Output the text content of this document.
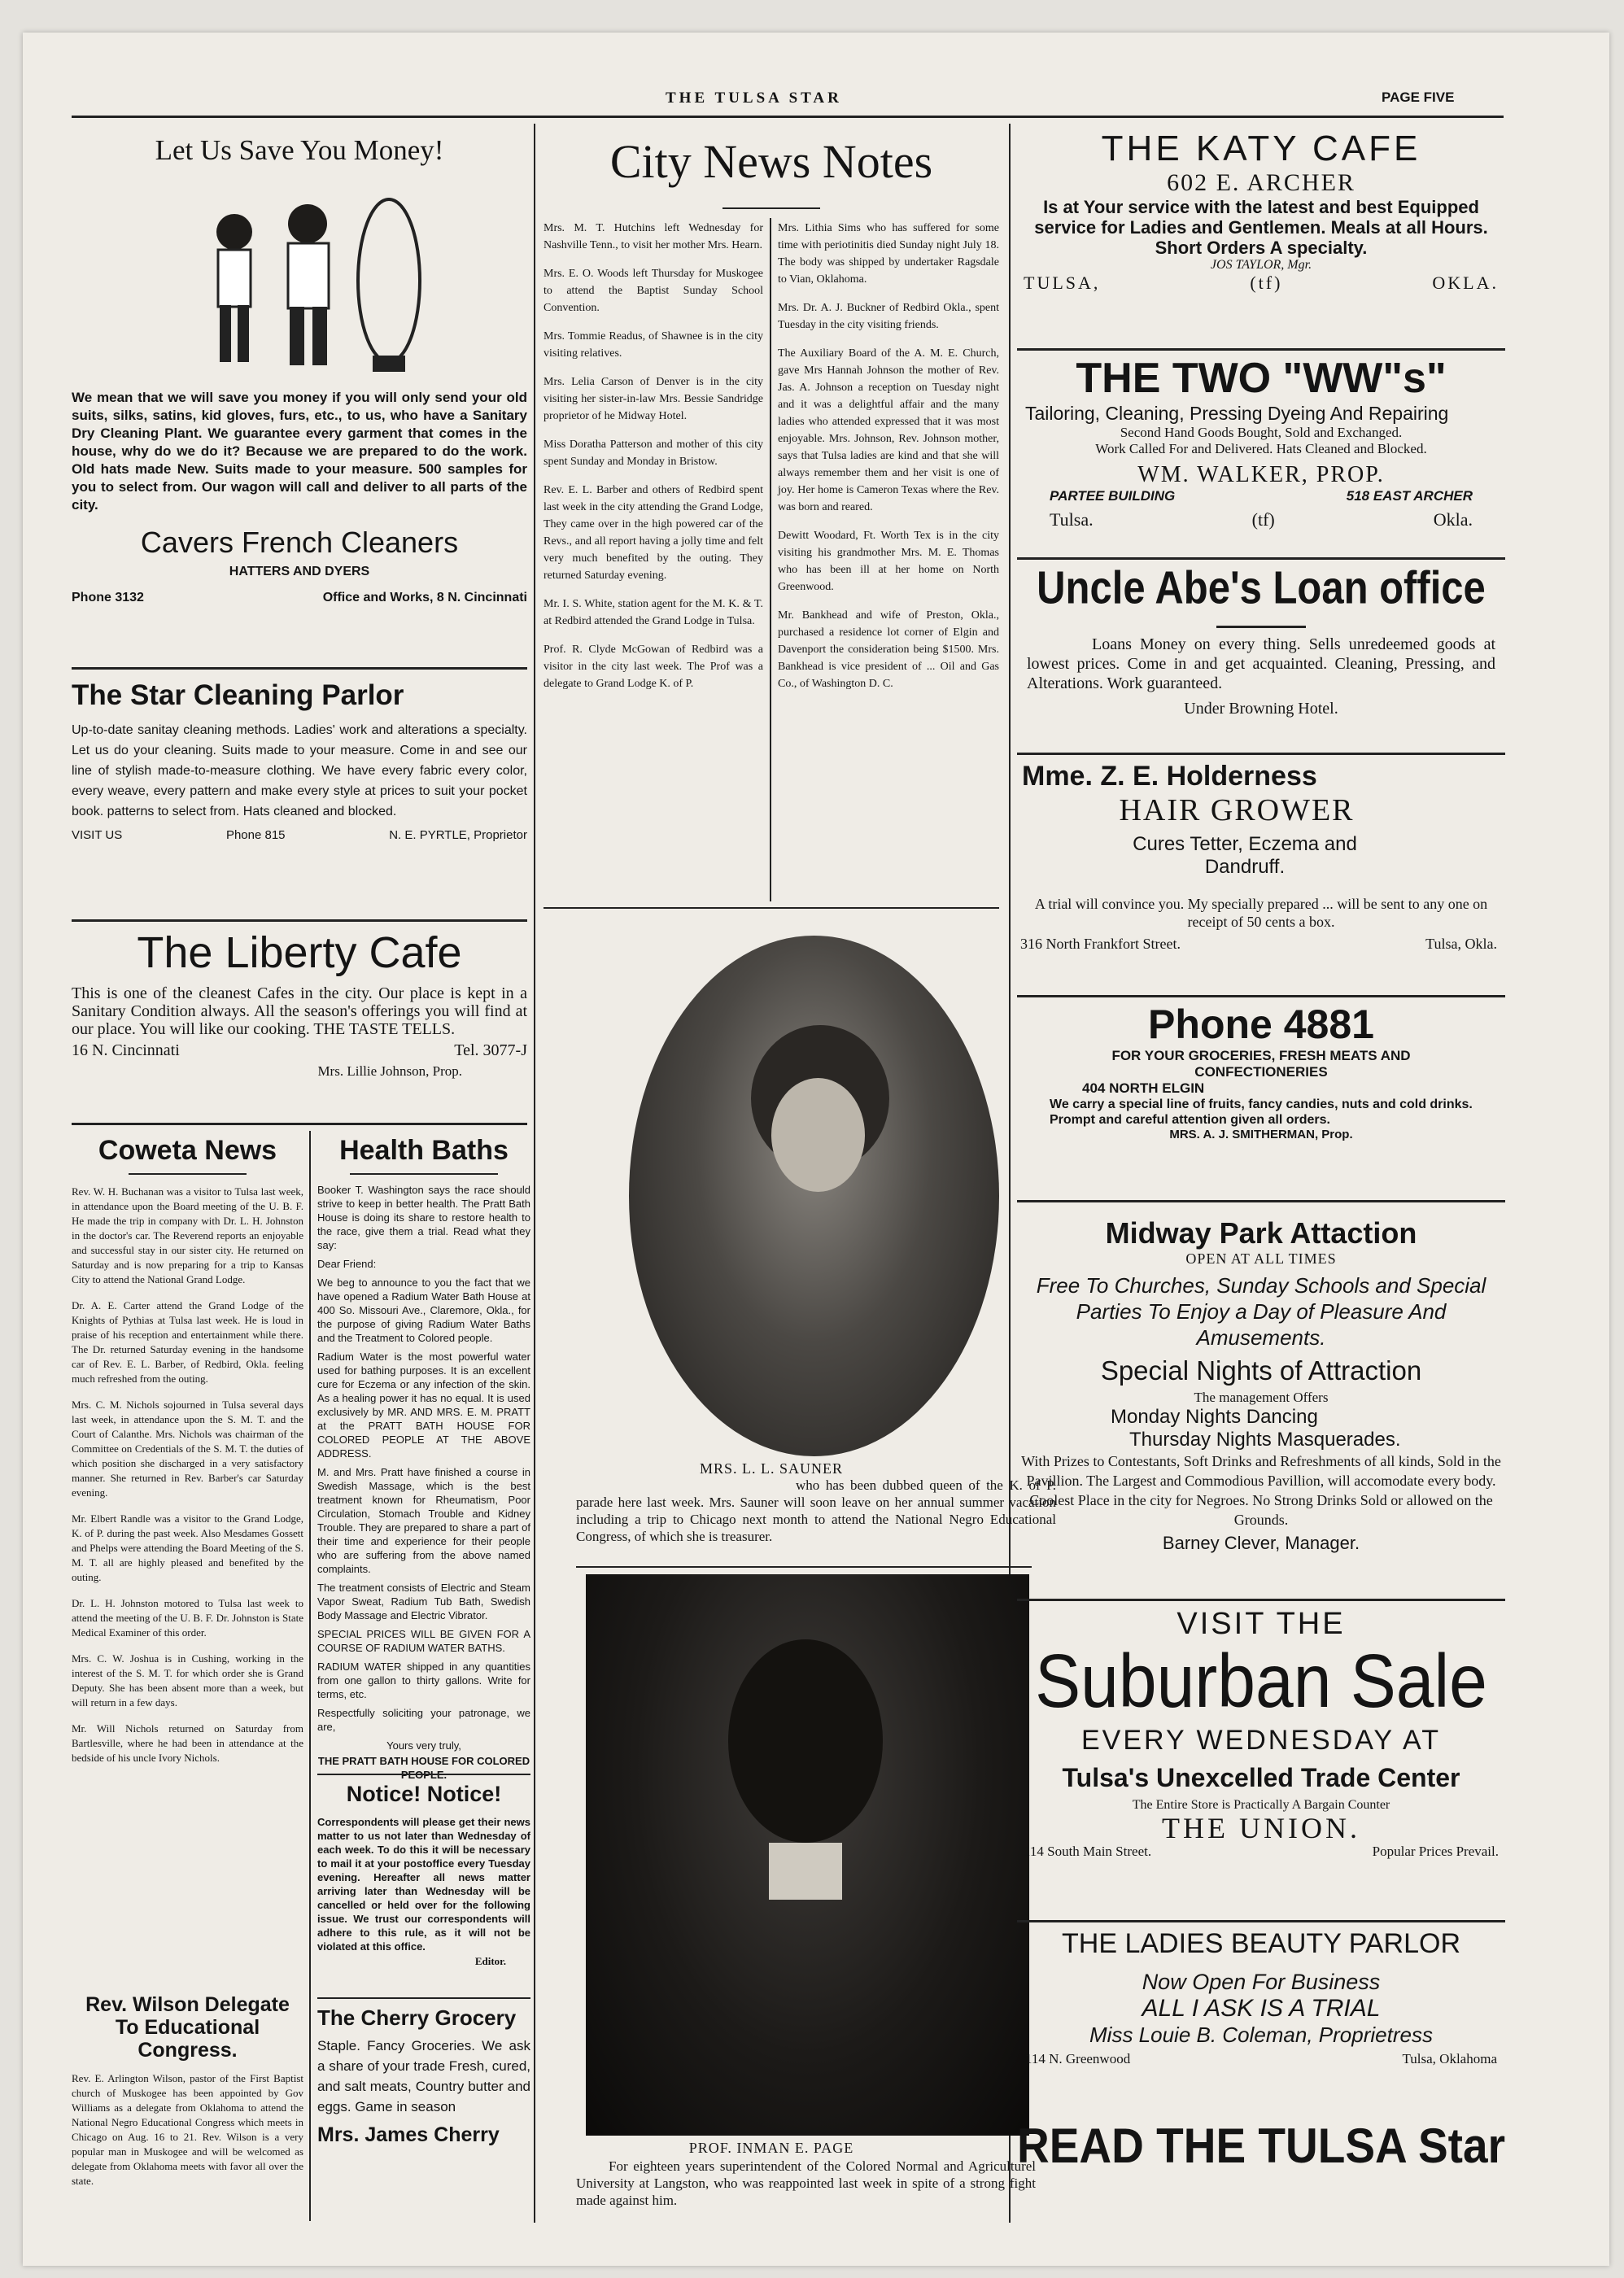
THE TULSA STAR	PAGE FIVE
Let Us Save You Money!
We mean that we will save you money if you will only send your old suits, silks, satins, kid gloves, furs, etc., to us, who have a Sanitary Dry Cleaning Plant. We guarantee every garment that comes in the house, why do we do it? Because we are prepared to do the work. Old hats made New. Suits made to your measure. 500 samples for you to select from. Our wagon will call and deliver to all parts of the city.
Cavers French Cleaners
HATTERS AND DYERS
Phone 3132	Office and Works, 8 N. Cincinnati
The Star Cleaning Parlor
Up-to-date sanitay cleaning methods. Ladies' work and alterations a specialty. Let us do your cleaning. Suits made to your measure. Come in and see our line of stylish made-to-measure clothing. We have every fabric every color, every weave, every pattern and make every style at prices to suit your pocket book. patterns to select from. Hats cleaned and blocked.
VISIT US	Phone 815	N. E. PYRTLE, Proprietor
The Liberty Cafe
This is one of the cleanest Cafes in the city. Our place is kept in a Sanitary Condition always. All the season's offerings you will find at our place. You will like our cooking. THE TASTE TELLS.
16 N. Cincinnati	Tel. 3077-J
Mrs. Lillie Johnson, Prop.
Coweta News

Rev. W. H. Buchanan was a visitor to Tulsa last week, in attendance upon the Board meeting of the U. B. F. He made the trip in company with Dr. L. H. Johnston in the doctor's car. The Reverend reports an enjoyable and successful stay in our sister city. He returned on Saturday and is now preparing for a trip to Kansas City to attend the National Grand Lodge.

Dr. A. E. Carter attend the Grand Lodge of the Knights of Pythias at Tulsa last week. He is loud in praise of his reception and entertainment while there. The Dr. returned Saturday evening in the handsome car of Rev. E. L. Barber, of Redbird, Okla. feeling much refreshed from the outing.

Mrs. C. M. Nichols sojourned in Tulsa several days last week, in attendance upon the S. M. T. and the Court of Calanthe. Mrs. Nichols was chairman of the Committee on Credentials of the S. M. T. the duties of which position she discharged in a very satisfactory manner. She returned in Rev. Barber's car Saturday evening.

Mr. Elbert Randle was a visitor to the Grand Lodge, K. of P. during the past week. Also Mesdames Gossett and Phelps were attending the Board Meeting of the S. M. T. all are highly pleased and benefited by the outing.

Dr. L. H. Johnston motored to Tulsa last week to attend the meeting of the U. B. F. Dr. Johnston is State Medical Examiner of this order.

Mrs. C. W. Joshua is in Cushing, working in the interest of the S. M. T. for which order she is Grand Deputy. She has been absent more than a week, but will return in a few days.

Mr. Will Nichols returned on Saturday from Bartlesville, where he had been in attendance at the bedside of his uncle Ivory Nichols.

Rev. Wilson Delegate To Educational Congress.
Rev. E. Arlington Wilson, pastor of the First Baptist church of Muskogee has been appointed by Gov Williams as a delegate from Oklahoma to attend the National Negro Educational Congress which meets in Chicago on Aug. 16 to 21. Rev. Wilson is a very popular man in Muskogee and will be welcomed as delegate from Oklahoma meets with favor all over the state.
Health Baths

Booker T. Washington says the race should strive to keep in better health. The Pratt Bath House is doing its share to restore health to the race, give them a trial. Read what they say:

Dear Friend:

We beg to announce to you the fact that we have opened a Radium Water Bath House at 400 So. Missouri Ave., Claremore, Okla., for the purpose of giving Radium Water Baths and the Treatment to Colored people.

Radium Water is the most powerful water used for bathing purposes. It is an excellent cure for Eczema or any infection of the skin. As a healing power it has no equal. It is used exclusively by MR. AND MRS. E. M. PRATT at the PRATT BATH HOUSE FOR COLORED PEOPLE AT THE ABOVE ADDRESS.

M. and Mrs. Pratt have finished a course in Swedish Massage, which is the best treatment known for Rheumatism, Poor Circulation, Stomach Trouble and Kidney Trouble. They are prepared to share a part of their time and experience for their people who are suffering from the above named complaints.

The treatment consists of Electric and Steam Vapor Sweat, Radium Tub Bath, Swedish Body Massage and Electric Vibrator.

SPECIAL PRICES WILL BE GIVEN FOR A COURSE OF RADIUM WATER BATHS.

RADIUM WATER shipped in any quantities from one gallon to thirty gallons. Write for terms, etc.

Respectfully soliciting your patronage, we are,

Yours very truly,

THE PRATT BATH HOUSE FOR COLORED

Notice! Notice!
Correspondents will please get their news matter to us not later than Wednesday of each week. To do this it will be necessary to mail it at your postoffice every Tuesday evening. Hereafter all news matter arriving later than Wednesday will be cancelled or held over for the following issue. We trust our correspondents will adhere to this rule, as it will not be violated at this office.
Editor.
The Cherry Grocery
Staple. Fancy Groceries. We ask a share of your trade Fresh, cured, and salt meats, Country butter and eggs. Game in season
Mrs. James Cherry
City News Notes

Mrs. M. T. Hutchins left Wednesday for Nashville Tenn., to visit her mother Mrs. Hearn.

Mrs. E. O. Woods left Thursday for Muskogee to attend the Baptist Sunday School Convention.

Mrs. Tommie Readus, of Shawnee is in the city visiting relatives.

Mrs. Lelia Carson of Denver is in the city visiting her sister-in-law Mrs. Bessie Sandridge proprietor of he Midway Hotel.

Miss Doratha Patterson and mother of this city spent Sunday and Monday in Bristow.

Rev. E. L. Barber and others of Redbird spent last week in the city attending the Grand Lodge, They came over in the high powered car of the Revs., and all report having a jolly time and felt very much benefited by the outing. They returned Saturday evening.

Mr. I. S. White, station agent for the M. K. & T. at Redbird attended the Grand Lodge in Tulsa.

Prof. R. Clyde McGowan of Redbird was a visitor in the city last week. The Prof was a delegate to Grand Lodge K. of P.

Mrs. Lithia Sims who has suffered for some time with periotinitis died Sunday night July 18. The body was shipped by undertaker Ragsdale to Vian, Oklahoma.

Mrs. Dr. A. J. Buckner of Redbird Okla., spent Tuesday in the city visiting friends.

The Auxiliary Board of the A. M. E. Church, gave Mrs Hannah Johnson the mother of Rev. Jas. A. Johnson a reception on Tuesday night and it was a delightful affair and the many ladies who attended expressed that it was most enjoyable. Mrs. Johnson, Rev. Johnson mother, says that Tulsa ladies are kind and that she will always remember them and her visit is one of joy. Her home is Cameron Texas where the Rev. was born and reared.

Dewitt Woodard, Ft. Worth Tex is in the city visiting his grandmother Mrs. M. E. Thomas who has been ill at her home on North Greenwood.

Mr. Bankhead and wife of Preston, Okla., purchased a residence lot corner of Elgin and Davenport the consideration being $1500. Mrs. Bankhead is vice president of ... Oil and Gas Co., of Washington D. C.

MRS. L. L. SAUNER
who has been dubbed queen of the K. of P. parade here last week. Mrs. Sauner will soon leave on her annual summer vacation including a trip to Chicago next month to attend the National Negro Educational Congress, of which she is treasurer.
PROF. INMAN E. PAGE
For eighteen years superintendent of the Colored Normal and Agriculturel University at Langston, who was reappointed last week in spite of a strong fight made against him.
THE KATY CAFE
602 E. ARCHER
Is at Your service with the latest and best Equipped service for Ladies and Gentlemen. Meals at all Hours. Short Orders A specialty.
JOS TAYLOR, Mgr.
TULSA,	(tf)	OKLA.
THE TWO "WW"s"
Tailoring, Cleaning, Pressing Dyeing And Repairing
Second Hand Goods Bought, Sold and Exchanged.
Work Called For and Delivered. Hats Cleaned and Blocked.
WM. WALKER, PROP.
PARTEE BUILDING	518 EAST ARCHER
Tulsa.	(tf)	Okla.
Uncle Abe's Loan office
Loans Money on every thing. Sells unredeemed goods at lowest prices. Come in and get acquainted. Cleaning, Pressing, and Alterations. Work guaranteed.
Under Browning Hotel.
Mme. Z. E. Holderness
HAIR GROWER
Cures Tetter, Eczema and
Dandruff.
A trial will convince you. My specially prepared ... will be sent to any one on receipt of 50 cents a box.
316 North Frankfort Street.	Tulsa, Okla.
Phone 4881
FOR YOUR GROCERIES, FRESH MEATS AND CONFECTIONERIES
404 NORTH ELGIN
We carry a special line of fruits, fancy candies, nuts and cold drinks.
Prompt and careful attention given all orders.
MRS. A. J. SMITHERMAN, Prop.
Midway Park Attaction
OPEN AT ALL TIMES
Free To Churches, Sunday Schools and Special Parties To Enjoy a Day of Pleasure And Amusements.
Special Nights of Attraction
The management Offers
Monday Nights Dancing
Thursday Nights Masquerades.
With Prizes to Contestants, Soft Drinks and Refreshments of all kinds, Sold in the Pavillion. The Largest and Commodious Pavillion, will accomodate every body. Coolest Place in the city for Negroes. No Strong Drinks Sold or allowed on the Grounds.
Barney Clever, Manager.
VISIT THE
Suburban Sale
EVERY WEDNESDAY AT
Tulsa's Unexcelled Trade Center
The Entire Store is Practically A Bargain Counter
THE UNION.
114 South Main Street.	Popular Prices Prevail.
THE LADIES BEAUTY PARLOR
Now Open For Business
ALL I ASK IS A TRIAL
Miss Louie B. Coleman, Proprietress
114 N. Greenwood	Tulsa, Oklahoma
READ THE TULSA Star
